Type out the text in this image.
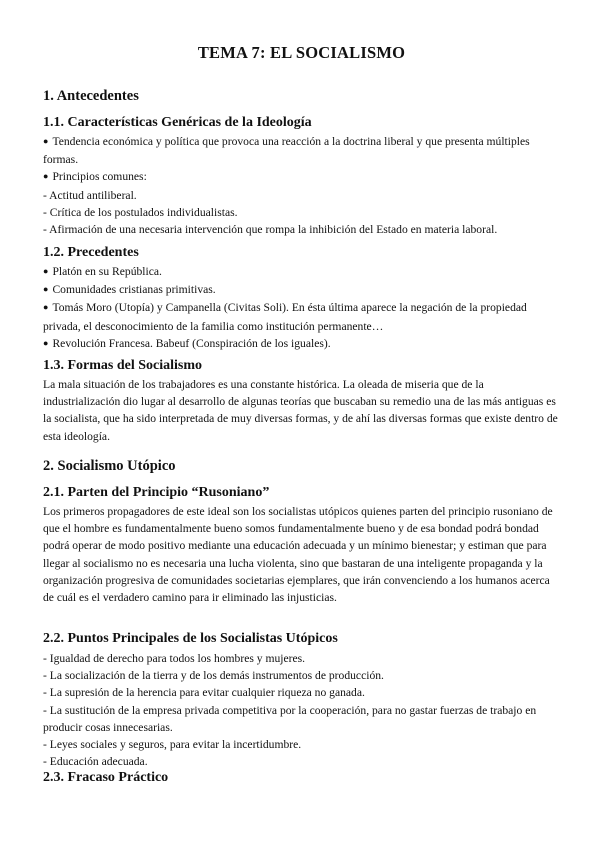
TEMA 7: EL SOCIALISMO
1. Antecedentes
1.1. Características Genéricas de la Ideología

● Tendencia económica y política que provoca una reacción a la doctrina liberal y que presenta múltiples formas.

● Principios comunes:

- Actitud antiliberal.

- Crítica de los postulados individualistas.

- Afirmación de una necesaria intervención que rompa la inhibición del Estado en materia laboral.

1.2. Precedentes

● Platón en su República.

● Comunidades cristianas primitivas.

● Tomás Moro (Utopía) y Campanella (Civitas Soli). En ésta última aparece la negación de la propiedad privada, el desconocimiento de la familia como institución permanente…

● Revolución Francesa. Babeuf (Conspiración de los iguales).

1.3. Formas del Socialismo

La mala situación de los trabajadores es una constante histórica. La oleada de miseria que de la industrialización dio lugar al desarrollo de algunas teorías que buscaban su remedio una de las más antiguas es la socialista, que ha sido interpretada de muy diversas formas, y de ahí las diversas formas que existe dentro de esta ideología.

2. Socialismo Utópico
2.1. Parten del Principio “Rusoniano”

Los primeros propagadores de este ideal son los socialistas utópicos quienes parten del principio rusoniano de que el hombre es fundamentalmente bueno somos fundamentalmente bueno y de esa bondad podrá bondad podrá operar de modo positivo mediante una educación adecuada y un mínimo bienestar; y estiman que para llegar al socialismo no es necesaria una lucha violenta, sino que bastaran de una inteligente propaganda y la organización progresiva de comunidades societarias ejemplares, que irán convenciendo a los humanos acerca de cuál es el verdadero camino para ir eliminado las injusticias.

2.2. Puntos Principales de los Socialistas Utópicos

- Igualdad de derecho para todos los hombres y mujeres.

- La socialización de la tierra y de los demás instrumentos de producción.

- La supresión de la herencia para evitar cualquier riqueza no ganada.

- La sustitución de la empresa privada competitiva por la cooperación, para no gastar fuerzas de trabajo en producir cosas innecesarias.

- Leyes sociales y seguros, para evitar la incertidumbre.

- Educación adecuada.

2.3. Fracaso Práctico
